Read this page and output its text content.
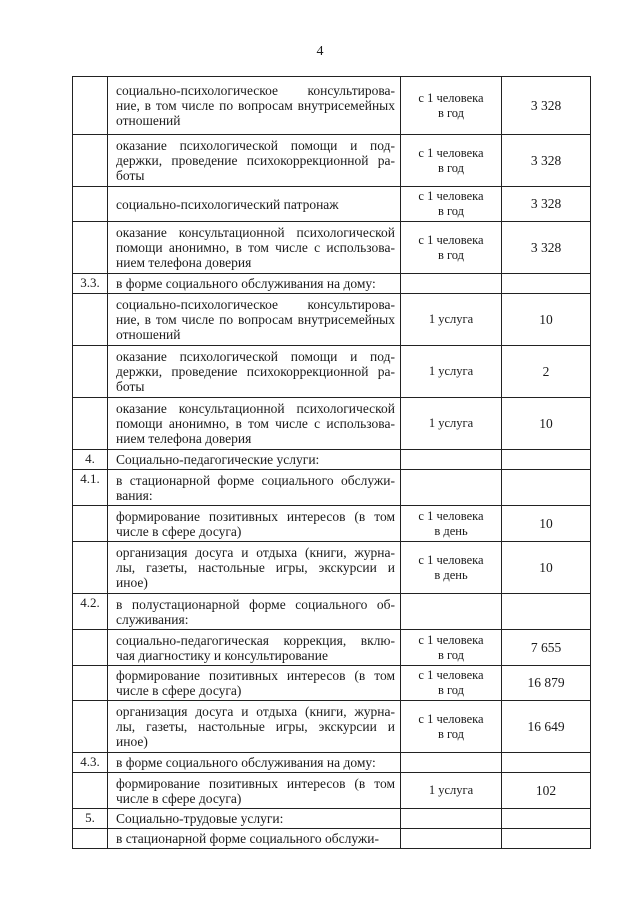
4

	социально-психологическое консультирова-
ние, в том числе по вопросам внутрисемейных
отношений	с 1 человека
в год	3 328

	оказание психологической помощи и под-
держки, проведение психокоррекционной ра-
боты	с 1 человека
в год	3 328

	социально-психологический патронаж	с 1 человека
в год	3 328

	оказание консультационной психологической
помощи анонимно, в том числе с использова-
нием телефона доверия	с 1 человека
в год	3 328
3.3.	в форме социального обслуживания на дому:		

	социально-психологическое консультирова-
ние, в том числе по вопросам внутрисемейных
отношений	1 услуга	10

	оказание психологической помощи и под-
держки, проведение психокоррекционной ра-
боты	1 услуга	2

	оказание консультационной психологической
помощи анонимно, в том числе с использова-
нием телефона доверия	1 услуга	10
4.	Социально-педагогические услуги:		

4.1.	в стационарной форме социального обслужи-
вания:		

	формирование позитивных интересов (в том
числе в сфере досуга)	с 1 человека
в день	10

	организация досуга и отдыха (книги, журна-
лы, газеты, настольные игры, экскурсии и
иное)	с 1 человека
в день	10
4.2.	в полустационарной форме социального об-
служивания:		

	социально-педагогическая коррекция, вклю-
чая диагностику и консультирование	с 1 человека
в год	7 655

	формирование позитивных интересов (в том
числе в сфере досуга)	с 1 человека
в год	16 879

	организация досуга и отдыха (книги, журна-
лы, газеты, настольные игры, экскурсии и
иное)	с 1 человека
в год	16 649
4.3.	в форме социального обслуживания на дому:		

	формирование позитивных интересов (в том
числе в сфере досуга)	1 услуга	102
5.	Социально-трудовые услуги:		

	в стационарной форме социального обслужи-		
